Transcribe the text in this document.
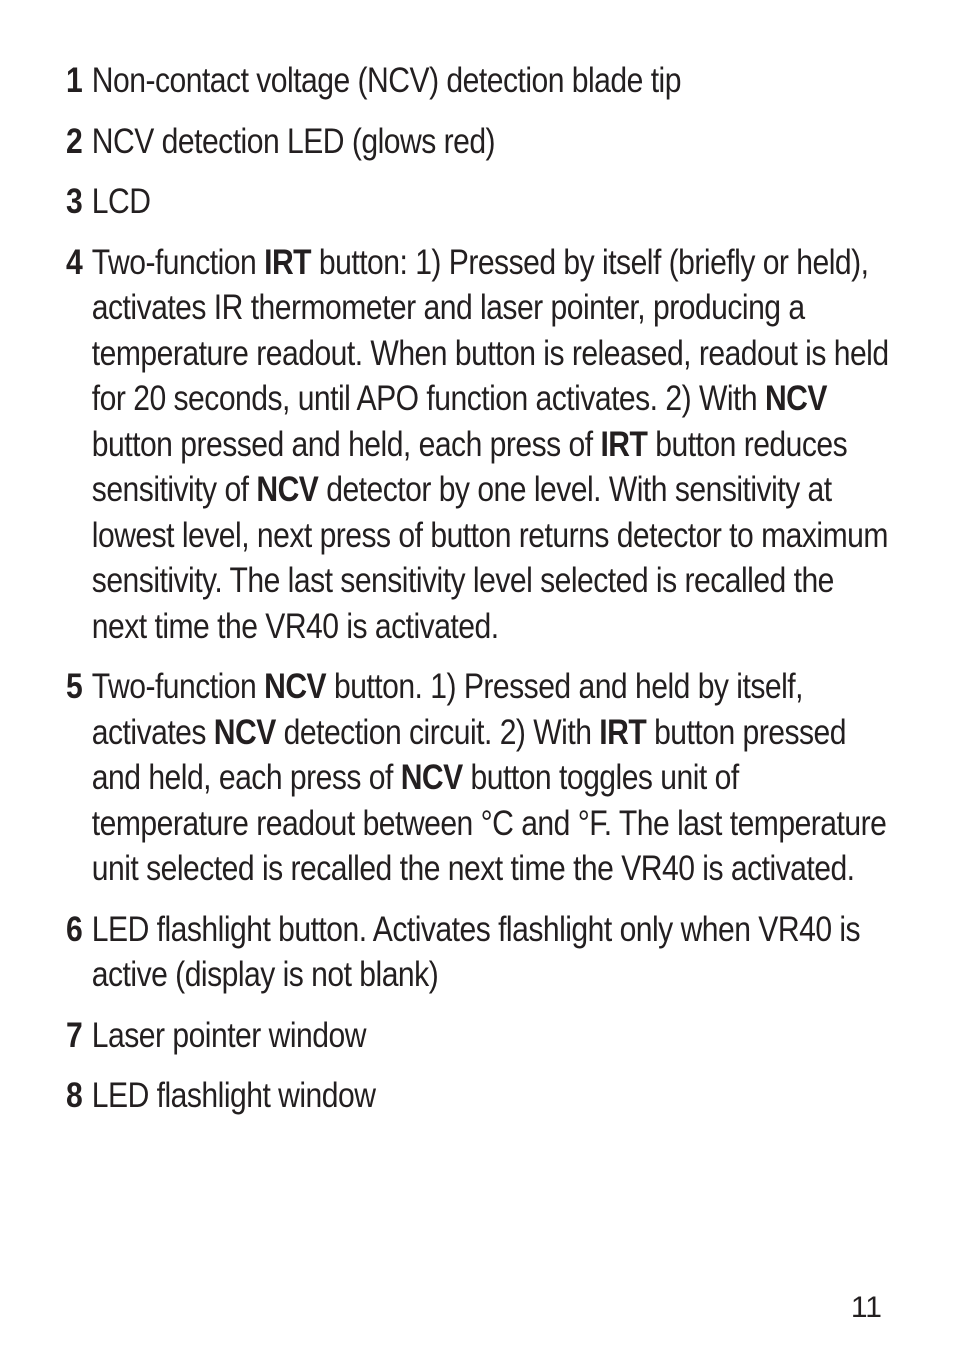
1 Non-contact voltage (NCV) detection blade tip
2 NCV detection LED (glows red)
3 LCD
4 Two-function IRT button: 1) Pressed by itself (briefly or held), activates IR thermometer and laser pointer, producing a temperature readout. When button is released, readout is held for 20 seconds, until APO function activates. 2) With NCV button pressed and held, each press of IRT button reduces sensitivity of NCV detector by one level. With sensitivity at lowest level, next press of button returns detector to maximum sensitivity. The last sensitivity level selected is recalled the next time the VR40 is activated.
5 Two-function NCV button. 1) Pressed and held by itself, activates NCV detection circuit. 2) With IRT button pressed and held, each press of NCV button toggles unit of temperature readout between °C and °F. The last temperature unit selected is recalled the next time the VR40 is activated.
6 LED flashlight button. Activates flashlight only when VR40 is active (display is not blank)
7 Laser pointer window
8 LED flashlight window
11
